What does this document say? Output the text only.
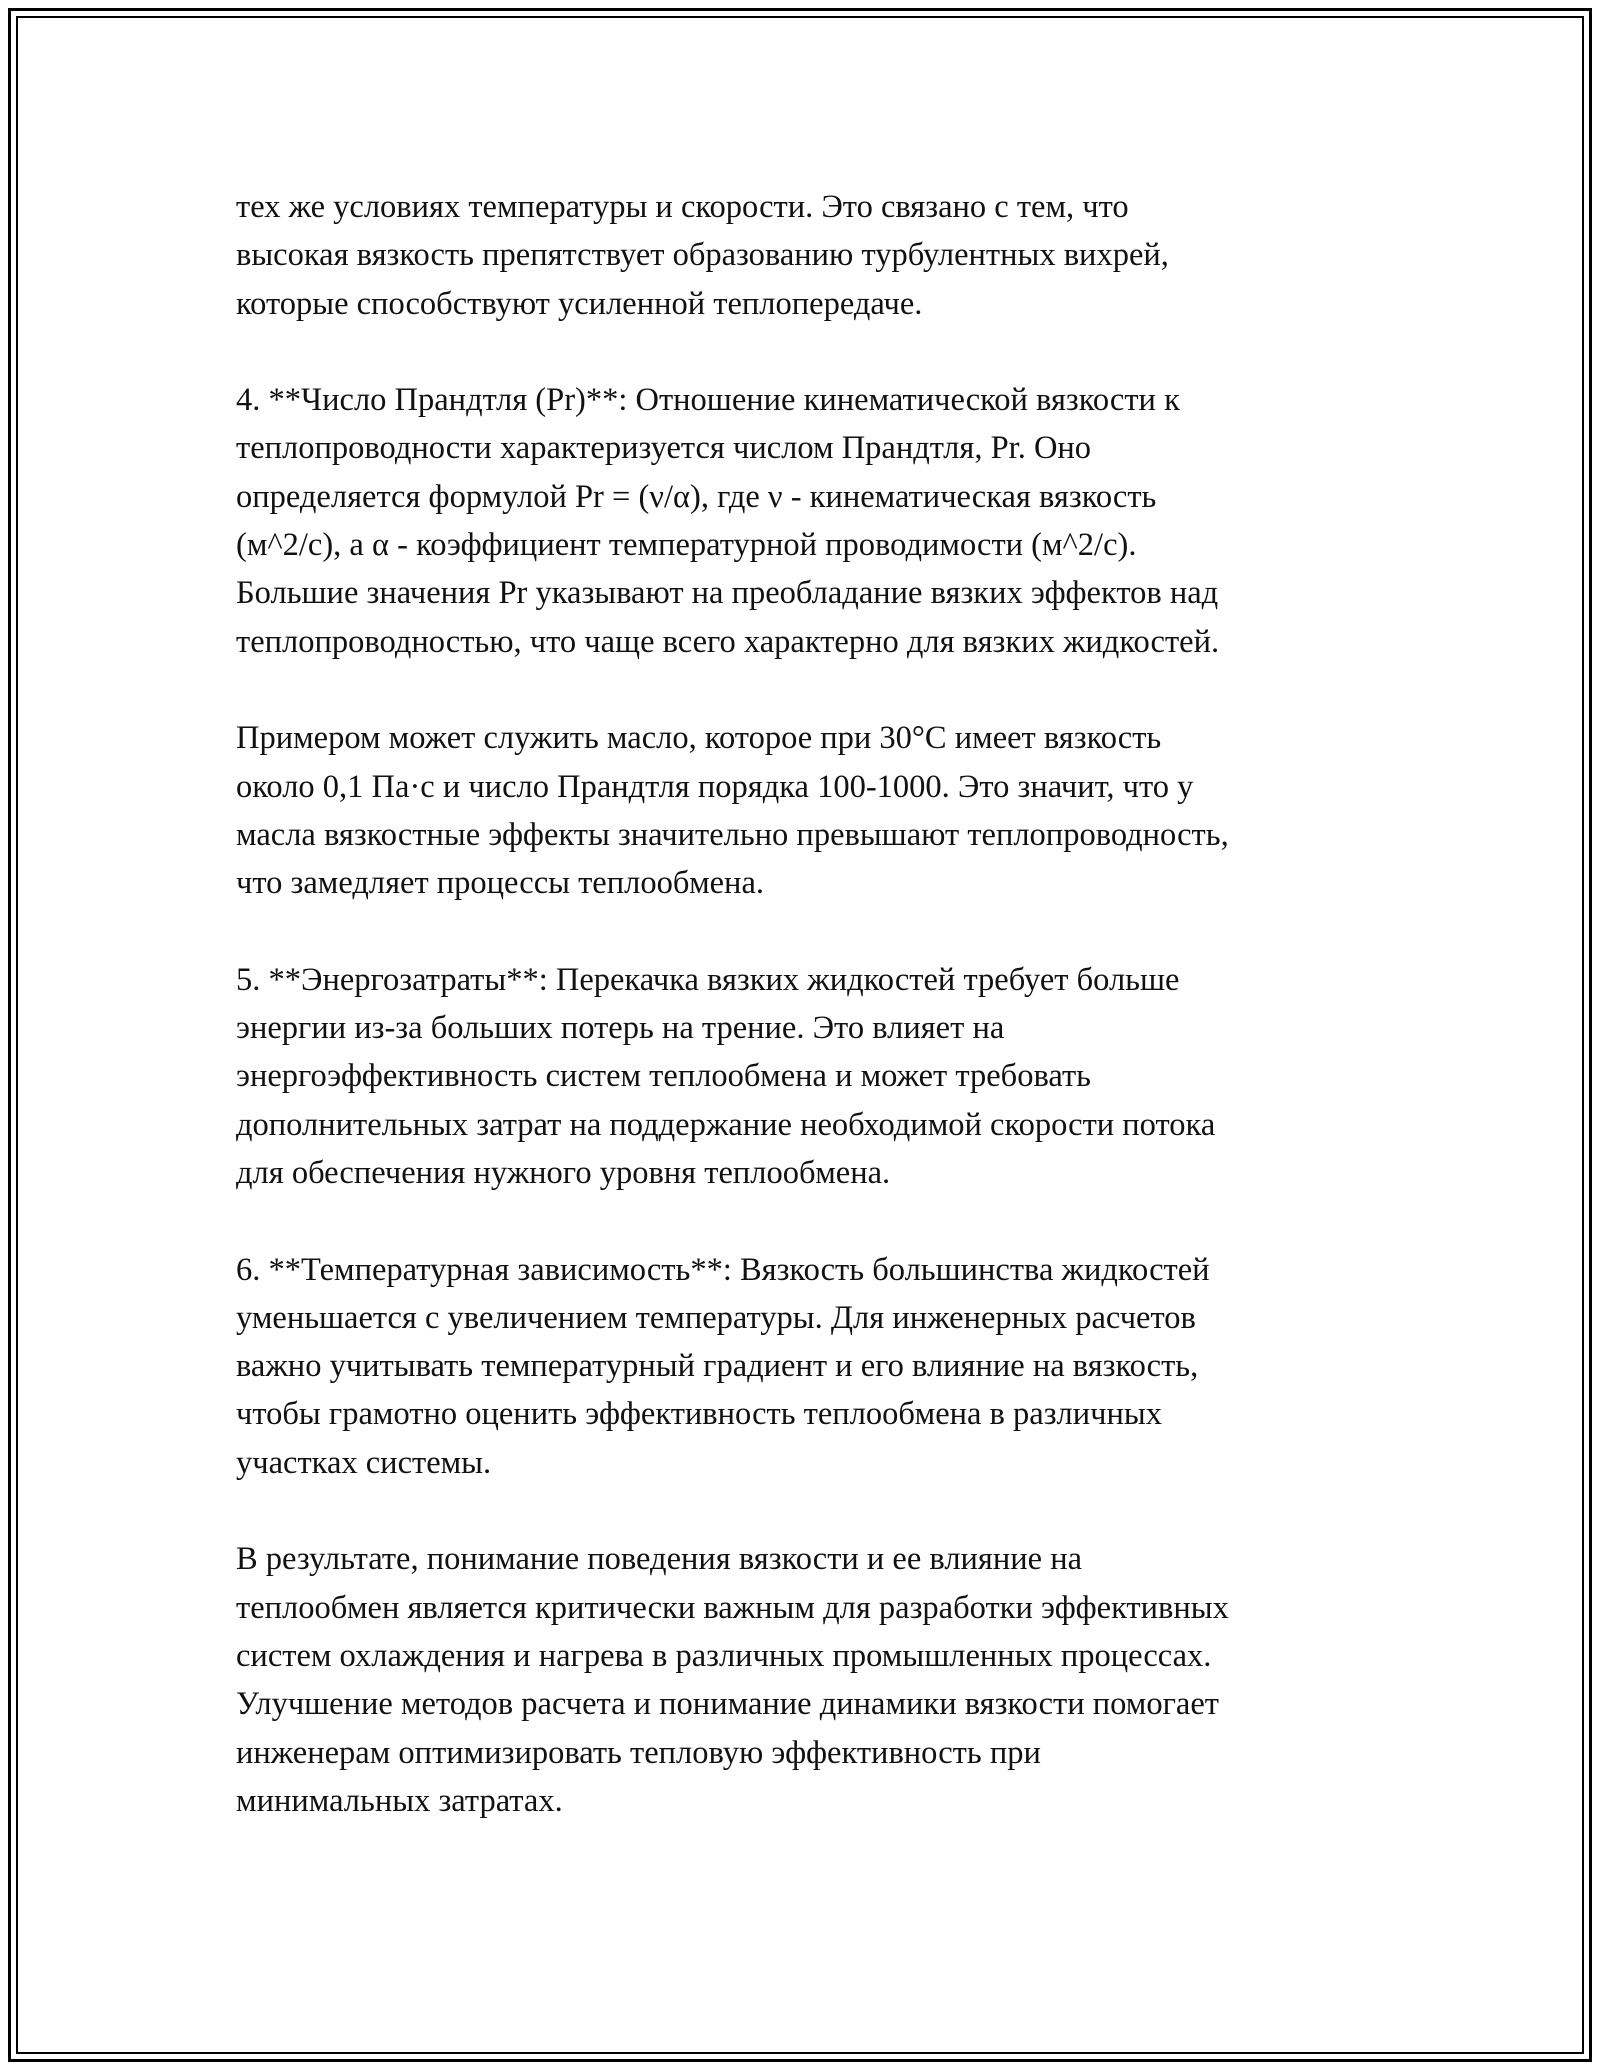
тех же условиях температуры и скорости. Это связано с тем, что
высокая вязкость препятствует образованию турбулентных вихрей,
которые способствуют усиленной теплопередаче.
4. **Число Прандтля (Pr)**: Отношение кинематической вязкости к
теплопроводности характеризуется числом Прандтля, Pr. Оно
определяется формулой Pr = (ν/α), где ν - кинематическая вязкость
(м^2/с), а α - коэффициент температурной проводимости (м^2/с).
Большие значения Pr указывают на преобладание вязких эффектов над
теплопроводностью, что чаще всего характерно для вязких жидкостей.
Примером может служить масло, которое при 30°С имеет вязкость
около 0,1 Па·с и число Прандтля порядка 100-1000. Это значит, что у
масла вязкостные эффекты значительно превышают теплопроводность,
что замедляет процессы теплообмена.
5. **Энергозатраты**: Перекачка вязких жидкостей требует больше
энергии из-за больших потерь на трение. Это влияет на
энергоэффективность систем теплообмена и может требовать
дополнительных затрат на поддержание необходимой скорости потока
для обеспечения нужного уровня теплообмена.
6. **Температурная зависимость**: Вязкость большинства жидкостей
уменьшается с увеличением температуры. Для инженерных расчетов
важно учитывать температурный градиент и его влияние на вязкость,
чтобы грамотно оценить эффективность теплообмена в различных
участках системы.
В результате, понимание поведения вязкости и ее влияние на
теплообмен является критически важным для разработки эффективных
систем охлаждения и нагрева в различных промышленных процессах.
Улучшение методов расчета и понимание динамики вязкости помогает
инженерам оптимизировать тепловую эффективность при
минимальных затратах.
